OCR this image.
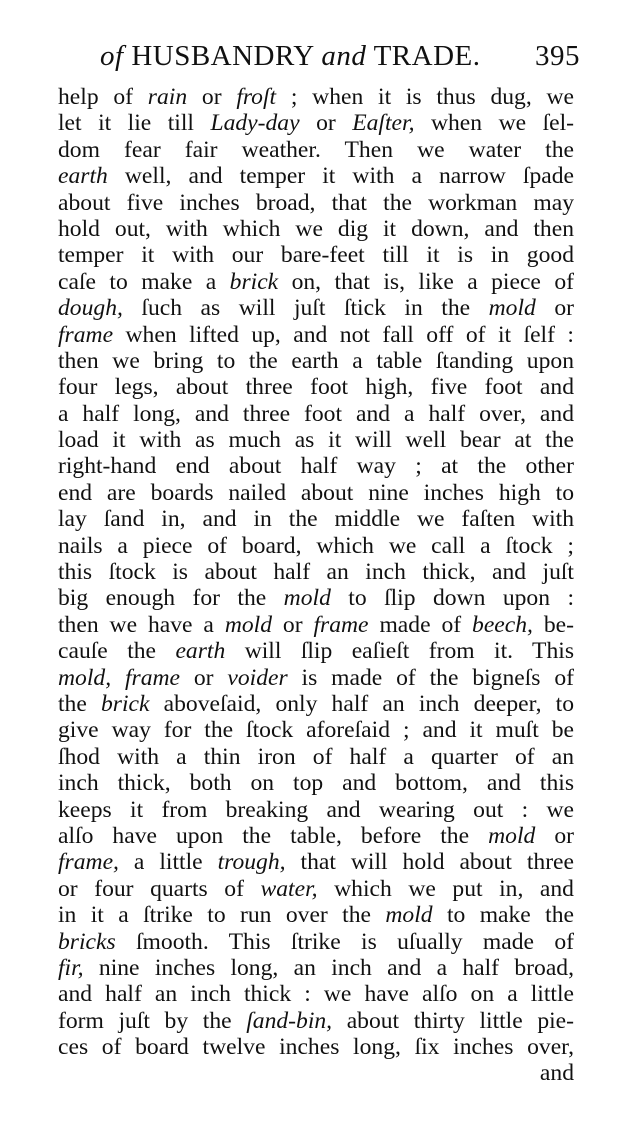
of HUSBANDRY and TRADE. 395
help of rain or froſt ; when it is thus dug, we
let it lie till Lady-day or Eaſter, when we ſel-
dom fear fair weather. Then we water the
earth well, and temper it with a narrow ſpade
about five inches broad, that the workman may
hold out, with which we dig it down, and then
temper it with our bare-feet till it is in good
caſe to make a brick on, that is, like a piece of
dough, ſuch as will juſt ſtick in the mold or
frame when lifted up, and not fall off of it ſelf :
then we bring to the earth a table ſtanding upon
four legs, about three foot high, five foot and
a half long, and three foot and a half over, and
load it with as much as it will well bear at the
right-hand end about half way ; at the other
end are boards nailed about nine inches high to
lay ſand in, and in the middle we faſten with
nails a piece of board, which we call a ſtock ;
this ſtock is about half an inch thick, and juſt
big enough for the mold to ſlip down upon :
then we have a mold or frame made of beech, be-
cauſe the earth will ſlip eaſieſt from it. This
mold, frame or voider is made of the bigneſs of
the brick aboveſaid, only half an inch deeper, to
give way for the ſtock aforeſaid ; and it muſt be
ſhod with a thin iron of half a quarter of an
inch thick, both on top and bottom, and this
keeps it from breaking and wearing out : we
alſo have upon the table, before the mold or
frame, a little trough, that will hold about three
or four quarts of water, which we put in, and
in it a ſtrike to run over the mold to make the
bricks ſmooth. This ſtrike is uſually made of
fir, nine inches long, an inch and a half broad,
and half an inch thick : we have alſo on a little
form juſt by the ſand-bin, about thirty little pie-
ces of board twelve inches long, ſix inches over,
and
